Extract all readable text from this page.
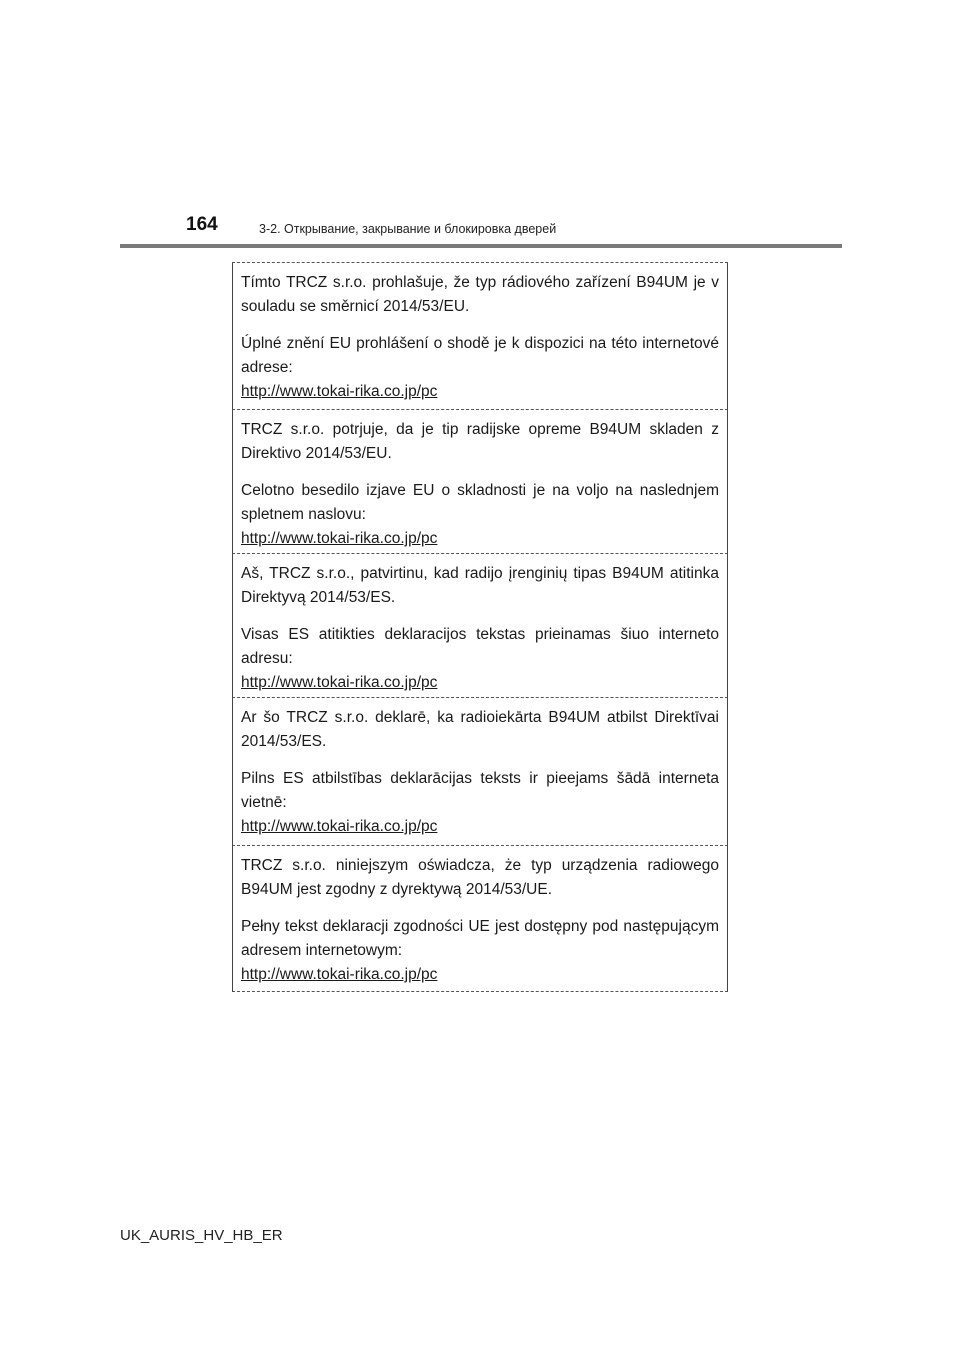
164	3-2. Открывание, закрывание и блокировка дверей

Tímto TRCZ s.r.o. prohlašuje, že typ rádiového zařízení B94UM je v souladu se směrnicí 2014/53/EU.

Úplné znění EU prohlášení o shodě je k dispozici na této internetové adrese:

http://www.tokai-rika.co.jp/pc

TRCZ s.r.o. potrjuje, da je tip radijske opreme B94UM skladen z Direktivo 2014/53/EU.

Celotno besedilo izjave EU o skladnosti je na voljo na naslednjem spletnem naslovu:

http://www.tokai-rika.co.jp/pc

Aš, TRCZ s.r.o., patvirtinu, kad radijo įrenginių tipas B94UM atitinka Direktyvą 2014/53/ES.

Visas ES atitikties deklaracijos tekstas prieinamas šiuo interneto adresu:

http://www.tokai-rika.co.jp/pc

Ar šo TRCZ s.r.o. deklarē, ka radioiekārta B94UM atbilst Direktīvai 2014/53/ES.

Pilns ES atbilstības deklarācijas teksts ir pieejams šādā interneta vietnē:

http://www.tokai-rika.co.jp/pc

TRCZ s.r.o. niniejszym oświadcza, że typ urządzenia radiowego B94UM jest zgodny z dyrektywą 2014/53/UE.

Pełny tekst deklaracji zgodności UE jest dostępny pod następującym adresem internetowym:

http://www.tokai-rika.co.jp/pc
UK_AURIS_HV_HB_ER
